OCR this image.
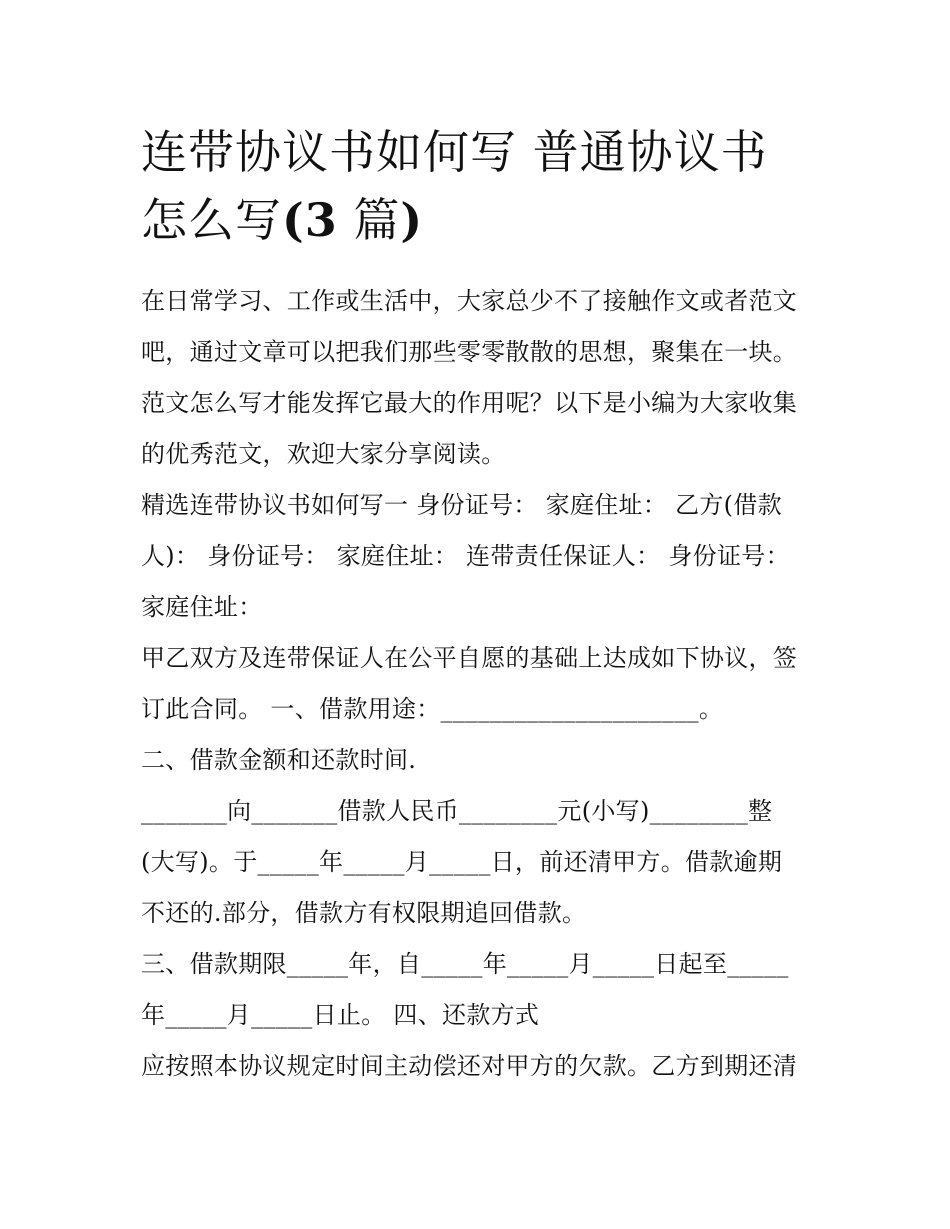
连带协议书如何写 普通协议书
怎么写(3 篇)

在日常学习、工作或生活中，大家总少不了接触作文或者范文
吧，通过文章可以把我们那些零零散散的思想，聚集在一块。
范文怎么写才能发挥它最大的作用呢？以下是小编为大家收集
的优秀范文，欢迎大家分享阅读。

精选连带协议书如何写一 身份证号： 家庭住址： 乙方(借款
人)： 身份证号： 家庭住址： 连带责任保证人： 身份证号：
家庭住址：

甲乙双方及连带保证人在公平自愿的基础上达成如下协议，签
订此合同。 一、借款用途：_____________________。

二、借款金额和还款时间.

_______向_______借款人民币________元(小写)________整
(大写)。于_____年_____月_____日，前还清甲方。借款逾期
不还的.部分，借款方有权限期追回借款。

三、借款期限_____年，自_____年_____月_____日起至_____
年_____月_____日止。 四、还款方式

应按照本协议规定时间主动偿还对甲方的欠款。乙方到期还清
